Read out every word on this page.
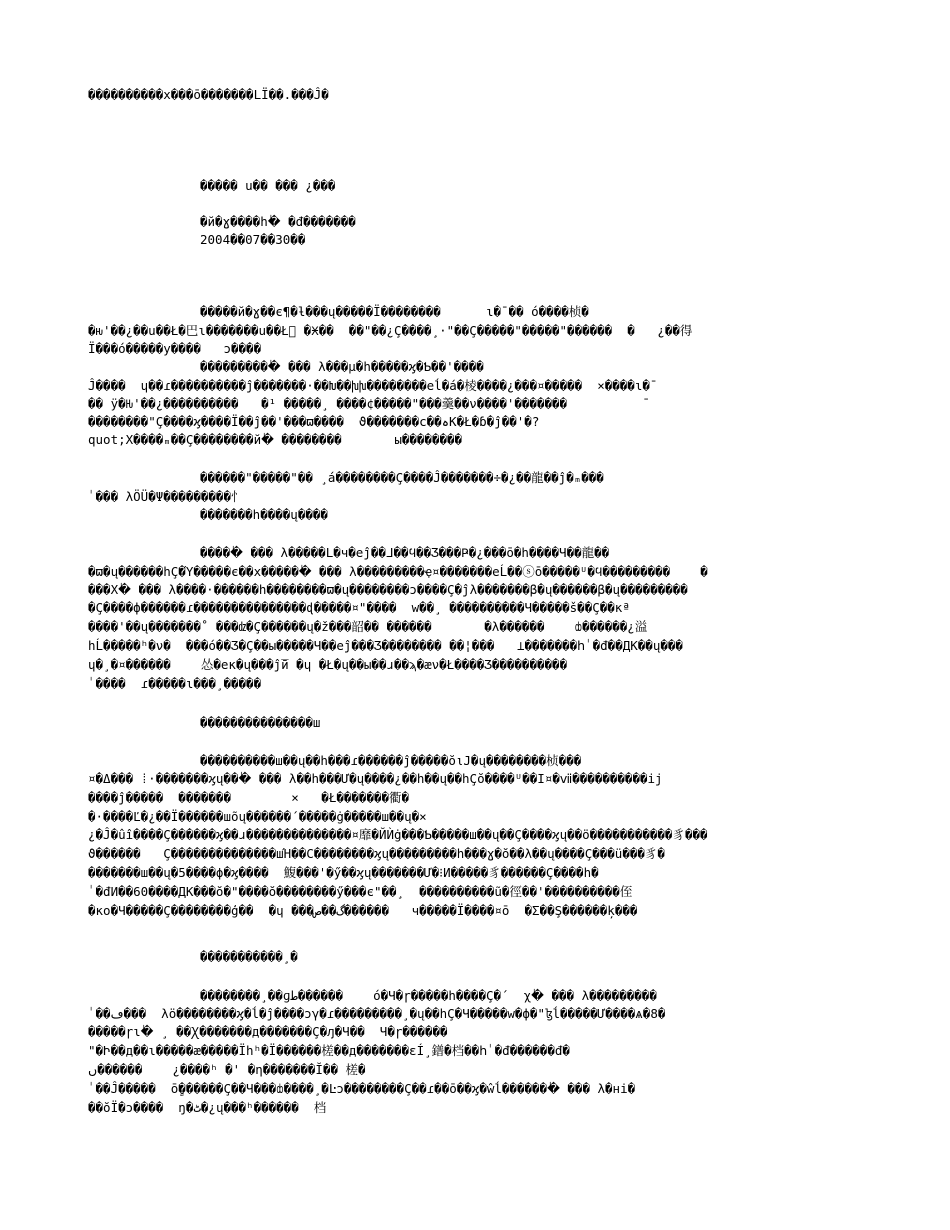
����������x���ō�������LÏ��.���Ĵ�
����� u�� ��� ¿���
�й�ɣ����h�ٰ �đ�������
2004��07��30��
�����й�ɣ��є¶�ƚ���ų�����Ϊ��������      ɩ�¯�� ó����桢�
�ԋ'��¿��u��Ł�巴ɩ�������u��Ł᪵ �Ӿ��  ��"��¿Ç����¸·"��Ç�����"�����"������  �   ¿��得
Ï���ó�����у����   ɔ����
����������ٰ ��� λ���µ�h�����ϗ�Ƅ��'����
Ĵ����  ɥ��ɾ����������ĵ�������·��Խ��խխ��������еĺ�á�棱����¿���¤�����  ×����ɩ�¯
�� ÿ�Ԋ'��¿����������   �¹ �����¸ ����¢�����"���羹��ν����'�������          ¯
��������"Ç����ϗ����Ï��ĵ��'���ϖ����  ϑ�������c��ہK�Ł�ɓ�ĵ��'�?
quot;X����ₘ��Ç��������й�ٰ ��������       ы��������
������"�����"�� ¸á��������Ç����Ĵ�������÷�¿��龍��ĵ�ₘ���
ٰ ��� λÖÜ�Ψ���������忄
�������h����ų����
�����ٰ ��� λ�����L�ч�еĵ��ᒧ��ϥ��Ʒ���Ҏ�¿���ō�h����Ч��龍��
�ϖ�ų������hÇ�Ύ�����є��x������ٰ ��� λ���������ҿ¤�������еĹ��ⓢō�����ᵁ�ϥ���������    �
���X�ٰ ��� λ����·������h��������ϖ�ų��������ɔ����Ç�ĵλ�������β�ų������β�ų���������
�Ç����ф������ɾ���������������ɖ�����¤"����  w��¸ ����������Ч�����š��Ç��кª
����'��ų�������˚ ���ǳ�Ç������ų�ž���韶�� ������       �λ������    ȸ������¿溢
hĹ�����ʰ�ν�  ���ó��Ʒ�Ç��ы�����Ч��еĵ���Ʒ�������� ��¦���   ⊥�������hٰ �đ��ДK��ų���
ɥ�¸�¤������    怂�ек�ų���ĵ̅ӣ �ɥ �Ł�ų��ы��ɹ��ϡ�æν�Ł����Ʒ����������
ٰ ����  ɾ�����ɩ���¸�����
���������������ш
����������ш��ų��h���ɾ������ĵ�����ŏιЈ�ų��������桢���
¤�Δ��� ⁞·�������ϗų���ٰ ��� λ��h���Ư�ų����¿��h��ų��hÇŏ����ᵁ��Ӏ¤�ⅶ����������ij
����ĵ�����  �������        ×   �Ł�������衢�
�·����Ľ�¿��Ï������шõų������΄�����ġ�����ш��ų�×
¿�Ĵ�ûî����Ç������ϗ��ɹ��������������¤靡�ЙЍġ���Ƅ�����ш��ų��Ç����ϗų��ö�����������豸���
ϑ������   Ç��������������шΉ��С��������ϗų���������h���ɣ�ŏ��λ��ų����Ç���ü���豸�
�������ш��ų�5����ϕ�ϗ����  鰒���'�ӳ��ϗų�������Ư�⁝И�����豸������Ç����h�
ٰ �đИ��60����ДK���ŏ�"����ŏ��������ӳ���є"��¸  ����������ũ�徑��'����������侄
�ко�Ч�����Ç��������ģ��  �ɥ ���گ��ص������   ч�����Ï����¤ō  �Σ��Ş������ķ���
�����������¸�
��������¸��ɡط������    ó�Ч�ɼ�����h����Ç�΄  χ�ٰ ��� λ���������
ٰ ��ڡ���  λö��������ϗ�ĺ�ĵ����ɔγ�ɾ���������¸�ų��hÇ�Ч�����w�ф�"ɮĺ�����Ư����ѧ�8�
�����ɼɩ�ٰ ¸ ��Ꭓ�������д�������Ç�ԓ�Ч��  Ч�ɼ������
"�Ի��д��ɩ�����æ�����Ïhʰ�Ї������槎��д�������ɛÍ¸鐠�档��hٰ �đ������đ�
ں������    ¿����ʰ �' �η�������Ĭ�� 槎�
ٰ ��Ĵ�����  ōٍ������Ç��Ч���ȸ����¸�Ŀɔ��������Ç��ɾ��ō��ϗ�ŵĺ�������ٰ ��� λ�ні�
��ŏÏ�ɔ����  ŋ�ٹ�¿ų���ʰ������  档
